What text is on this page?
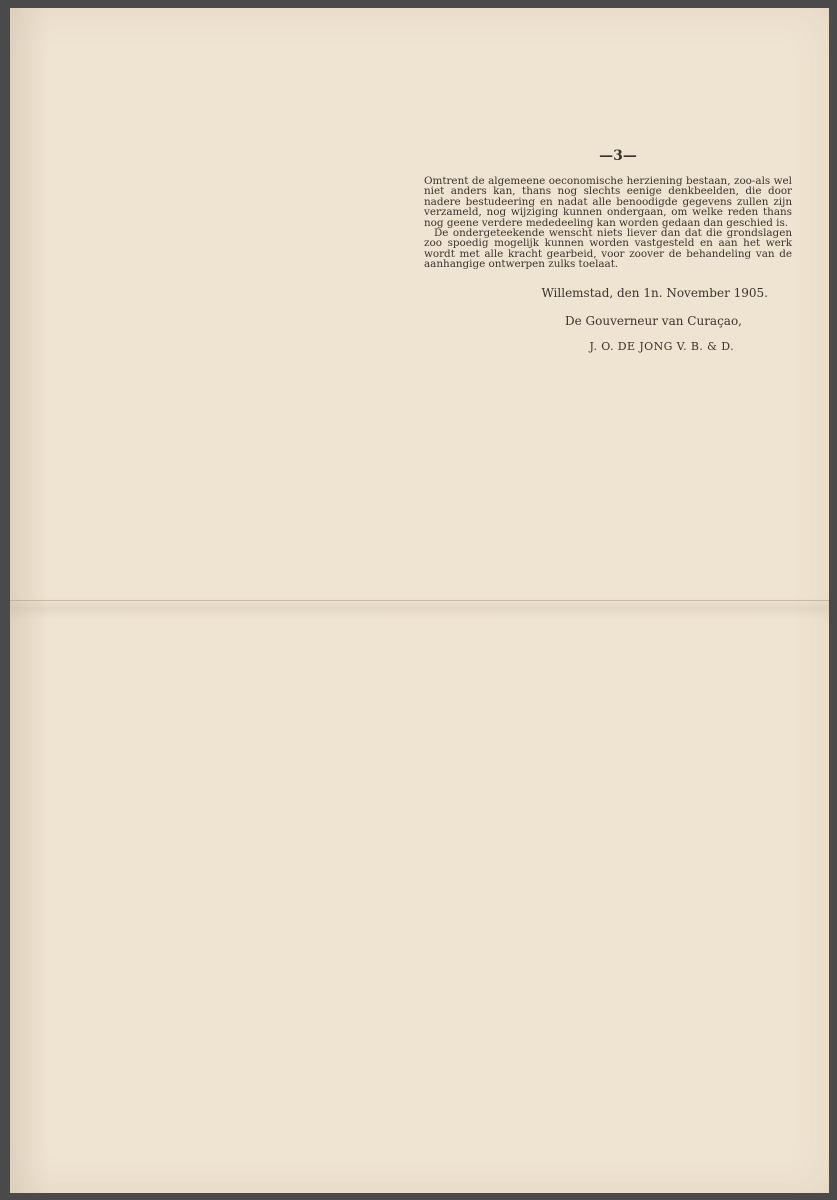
—3—

Omtrent de algemeene oeconomische herziening bestaan, zoo-als wel niet anders kan, thans nog slechts eenige denkbeelden, die door nadere bestudeering en nadat alle benoodigde gegevens zullen zijn verzameld, nog wijziging kunnen ondergaan, om welke reden thans nog geene verdere mededeeling kan worden gedaan dan geschied is.

De ondergeteekende wenscht niets liever dan dat die grondslagen zoo spoedig mogelijk kunnen worden vastgesteld en aan het werk wordt met alle kracht gearbeid, voor zoover de behandeling van de aanhangige ontwerpen zulks toelaat.

Willemstad, den 1n. November 1905.

De Gouverneur van Curaçao,

J. O. DE JONG V. B. & D.
